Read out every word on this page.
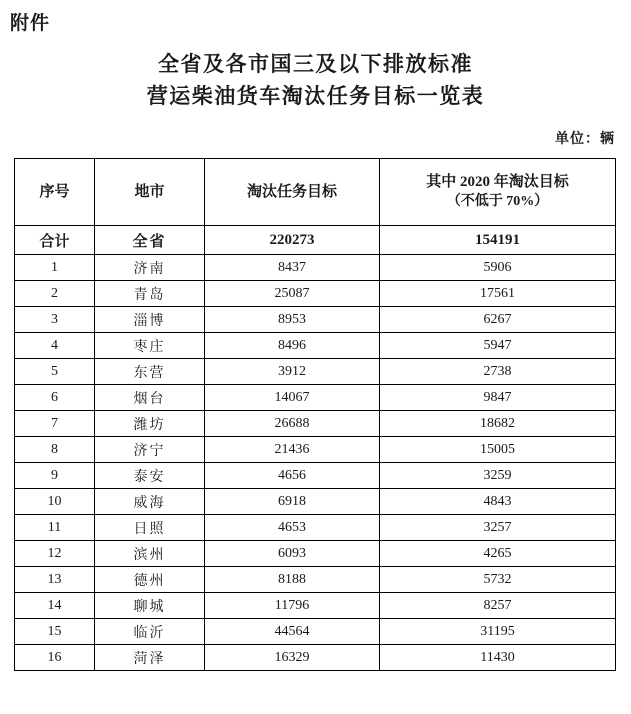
附件
全省及各市国三及以下排放标准
营运柴油货车淘汰任务目标一览表
单位：辆
序号	地市	淘汰任务目标	其中 2020 年淘汰目标
（不低于 70%）

合计	全省	220273	154191
1	济南	8437	5906
2	青岛	25087	17561
3	淄博	8953	6267
4	枣庄	8496	5947
5	东营	3912	2738
6	烟台	14067	9847
7	潍坊	26688	18682
8	济宁	21436	15005
9	泰安	4656	3259
10	威海	6918	4843
11	日照	4653	3257
12	滨州	6093	4265
13	德州	8188	5732
14	聊城	11796	8257
15	临沂	44564	31195
16	菏泽	16329	11430
